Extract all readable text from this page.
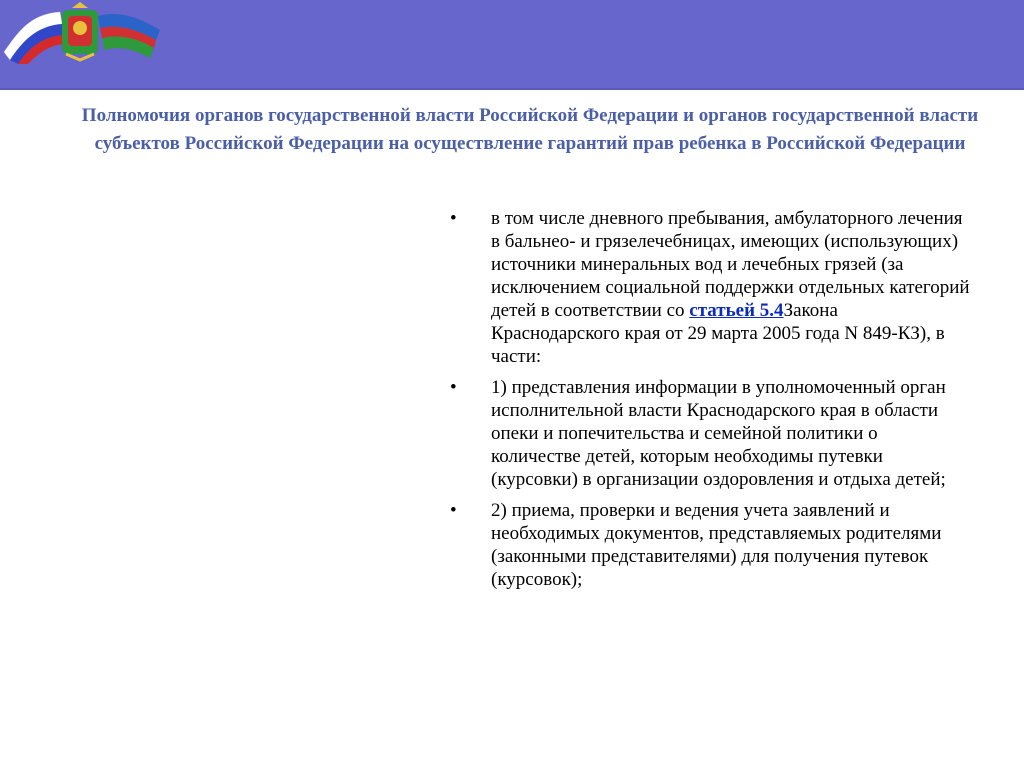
Полномочия органов государственной власти Российской Федерации и органов государственной власти субъектов Российской Федерации на осуществление гарантий прав ребенка в Российской Федерации
•	в том числе дневного пребывания, амбулаторного лечения в бальнео- и грязелечебницах, имеющих (использующих) источники минеральных вод и лечебных грязей (за исключением социальной поддержки отдельных категорий детей в соответствии со статьей 5.4Закона Краснодарского края от 29 марта 2005 года N 849-КЗ), в части:
•	1) представления информации в уполномоченный орган исполнительной власти Краснодарского края в области опеки и попечительства и семейной политики о количестве детей, которым необходимы путевки (курсовки) в организации оздоровления и отдыха детей;
•	2) приема, проверки и ведения учета заявлений и необходимых документов, представляемых родителями (законными представителями) для получения путевок (курсовок);
